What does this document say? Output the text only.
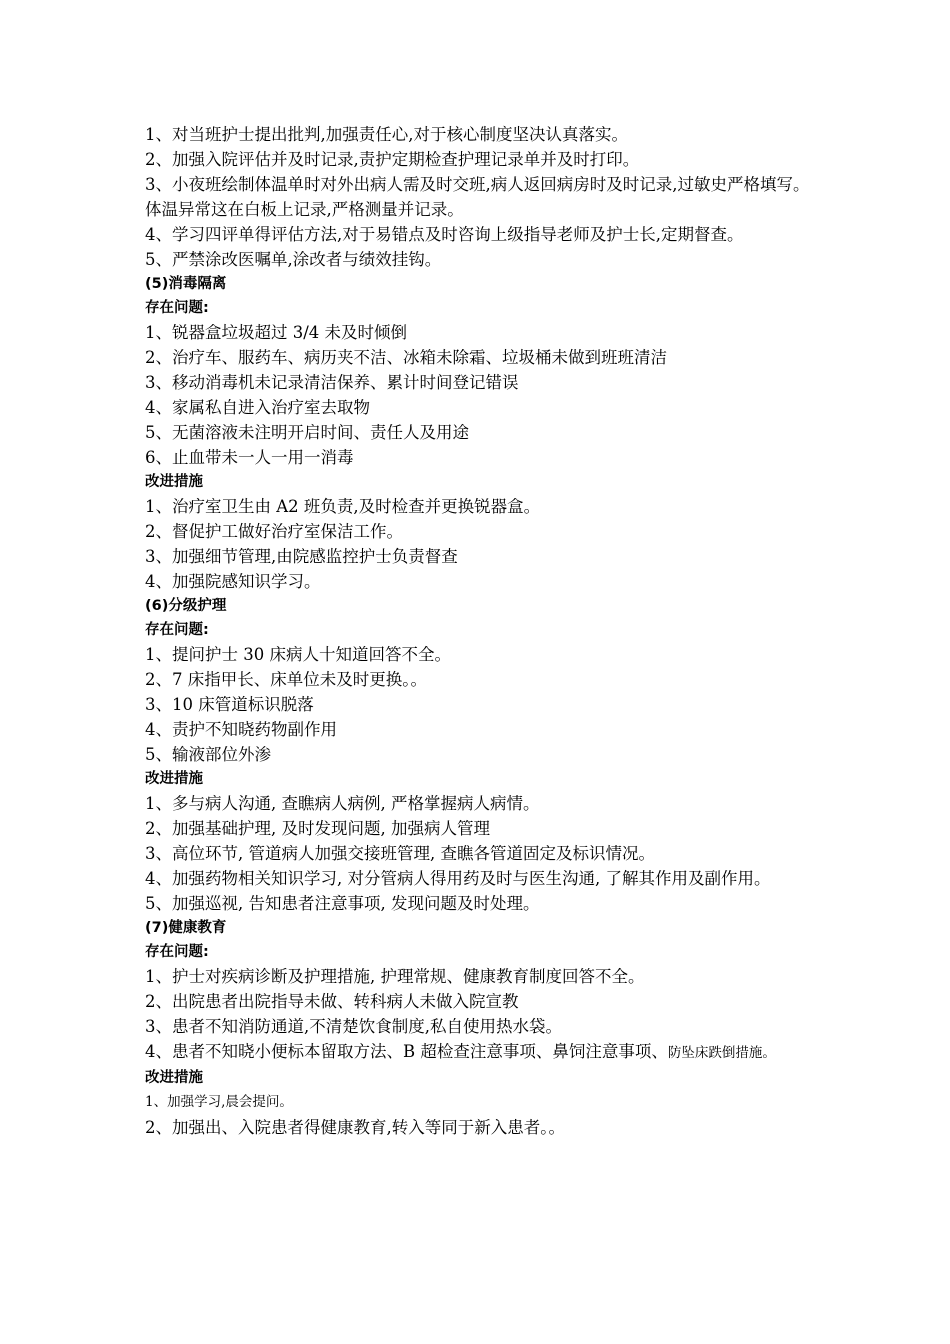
1、对当班护士提出批判,加强责任心,对于核心制度坚决认真落实。

2、加强入院评估并及时记录,责护定期检查护理记录单并及时打印。

3、小夜班绘制体温单时对外出病人需及时交班,病人返回病房时及时记录,过敏史严格填写。体温异常这在白板上记录,严格测量并记录。

4、学习四评单得评估方法,对于易错点及时咨询上级指导老师及护士长,定期督查。

5、严禁涂改医嘱单,涂改者与绩效挂钩。

(5)消毒隔离

存在问题:

1、锐器盒垃圾超过 3/4 未及时倾倒

2、治疗车、服药车、病历夹不洁、冰箱未除霜、垃圾桶未做到班班清洁

3、移动消毒机未记录清洁保养、累计时间登记错误

4、家属私自进入治疗室去取物

5、无菌溶液未注明开启时间、责任人及用途

6、止血带未一人一用一消毒

改进措施

1、治疗室卫生由 A2 班负责,及时检查并更换锐器盒。

2、督促护工做好治疗室保洁工作。

3、加强细节管理,由院感监控护士负责督查

4、加强院感知识学习。

(6)分级护理

存在问题:

1、提问护士 30 床病人十知道回答不全。

2、7 床指甲长、床单位未及时更换。。

3、10 床管道标识脱落

4、责护不知晓药物副作用

5、输液部位外渗

改进措施

1、多与病人沟通, 查瞧病人病例, 严格掌握病人病情。

2、加强基础护理, 及时发现问题, 加强病人管理

3、高位环节, 管道病人加强交接班管理, 查瞧各管道固定及标识情况。

4、加强药物相关知识学习, 对分管病人得用药及时与医生沟通, 了解其作用及副作用。

5、加强巡视, 告知患者注意事项, 发现问题及时处理。

(7)健康教育

存在问题:

1、护士对疾病诊断及护理措施, 护理常规、健康教育制度回答不全。

2、出院患者出院指导未做、转科病人未做入院宣教

3、患者不知消防通道,不清楚饮食制度,私自使用热水袋。

4、患者不知晓小便标本留取方法、B 超检查注意事项、鼻饲注意事项、防坠床跌倒措施。

改进措施

1、加强学习,晨会提问。

2、加强出、入院患者得健康教育,转入等同于新入患者。。
